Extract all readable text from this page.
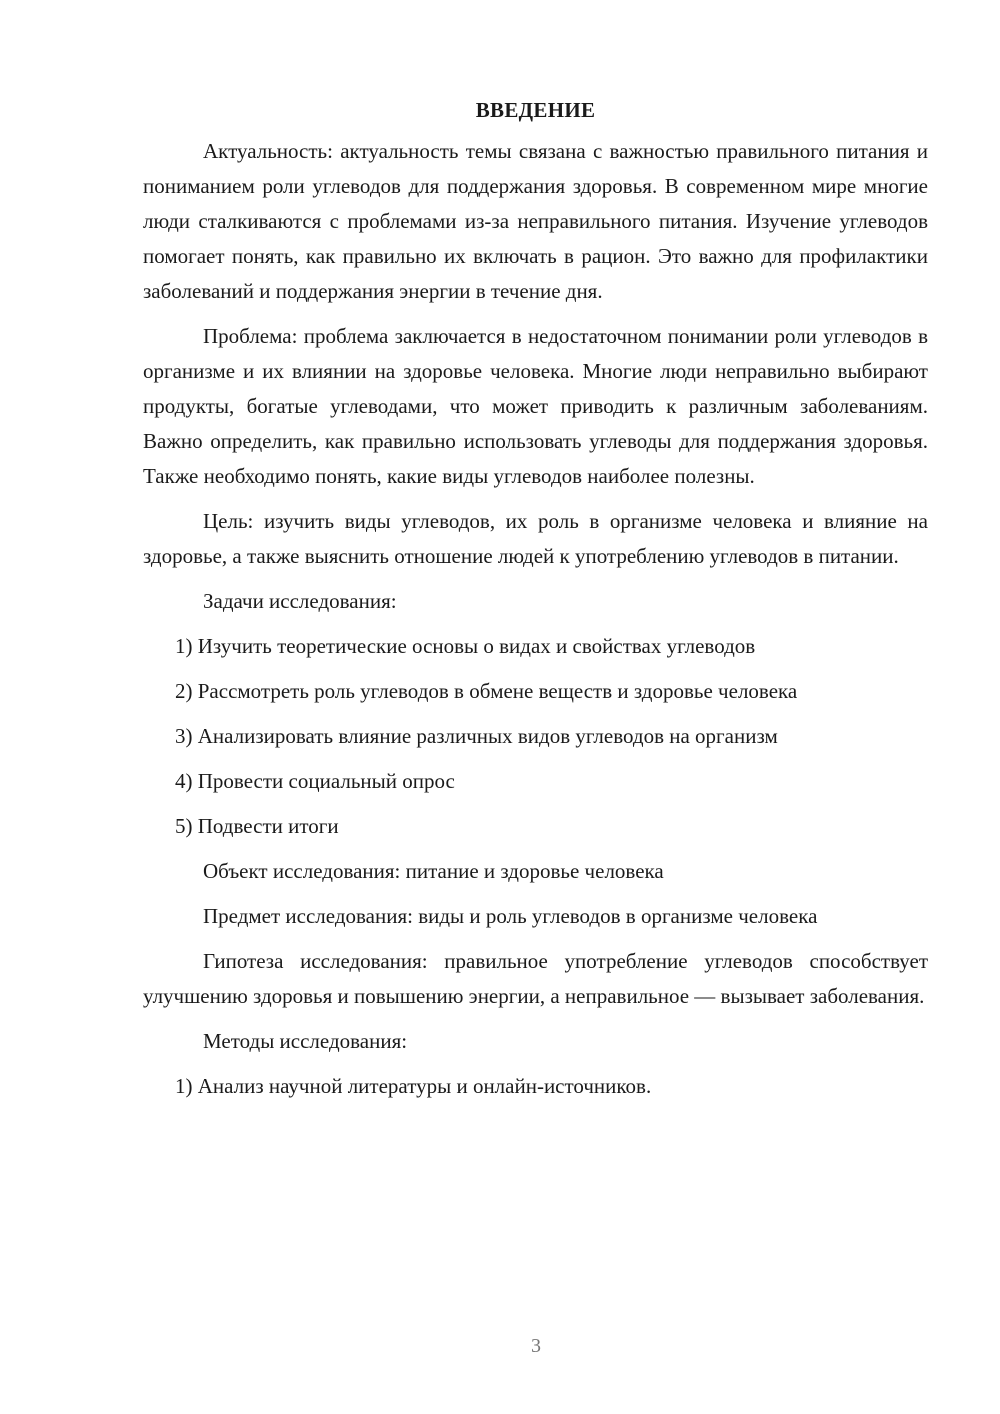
ВВЕДЕНИЕ

Актуальность: актуальность темы связана с важностью правильного питания и пониманием роли углеводов для поддержания здоровья. В современном мире многие люди сталкиваются с проблемами из-за неправильного питания. Изучение углеводов помогает понять, как правильно их включать в рацион. Это важно для профилактики заболеваний и поддержания энергии в течение дня.

Проблема: проблема заключается в недостаточном понимании роли углеводов в организме и их влиянии на здоровье человека. Многие люди неправильно выбирают продукты, богатые углеводами, что может приводить к различным заболеваниям. Важно определить, как правильно использовать углеводы для поддержания здоровья. Также необходимо понять, какие виды углеводов наиболее полезны.

Цель: изучить виды углеводов, их роль в организме человека и влияние на здоровье, а также выяснить отношение людей к употреблению углеводов в питании.

Задачи исследования:
1) Изучить теоретические основы о видах и свойствах углеводов
2) Рассмотреть роль углеводов в обмене веществ и здоровье человека
3) Анализировать влияние различных видов углеводов на организм
4) Провести социальный опрос
5) Подвести итоги
Объект исследования: питание и здоровье человека

Предмет исследования: виды и роль углеводов в организме человека

Гипотеза исследования: правильное употребление углеводов способствует улучшению здоровья и повышению энергии, а неправильное — вызывает заболевания.

Методы исследования:
1) Анализ научной литературы и онлайн-источников.
3
